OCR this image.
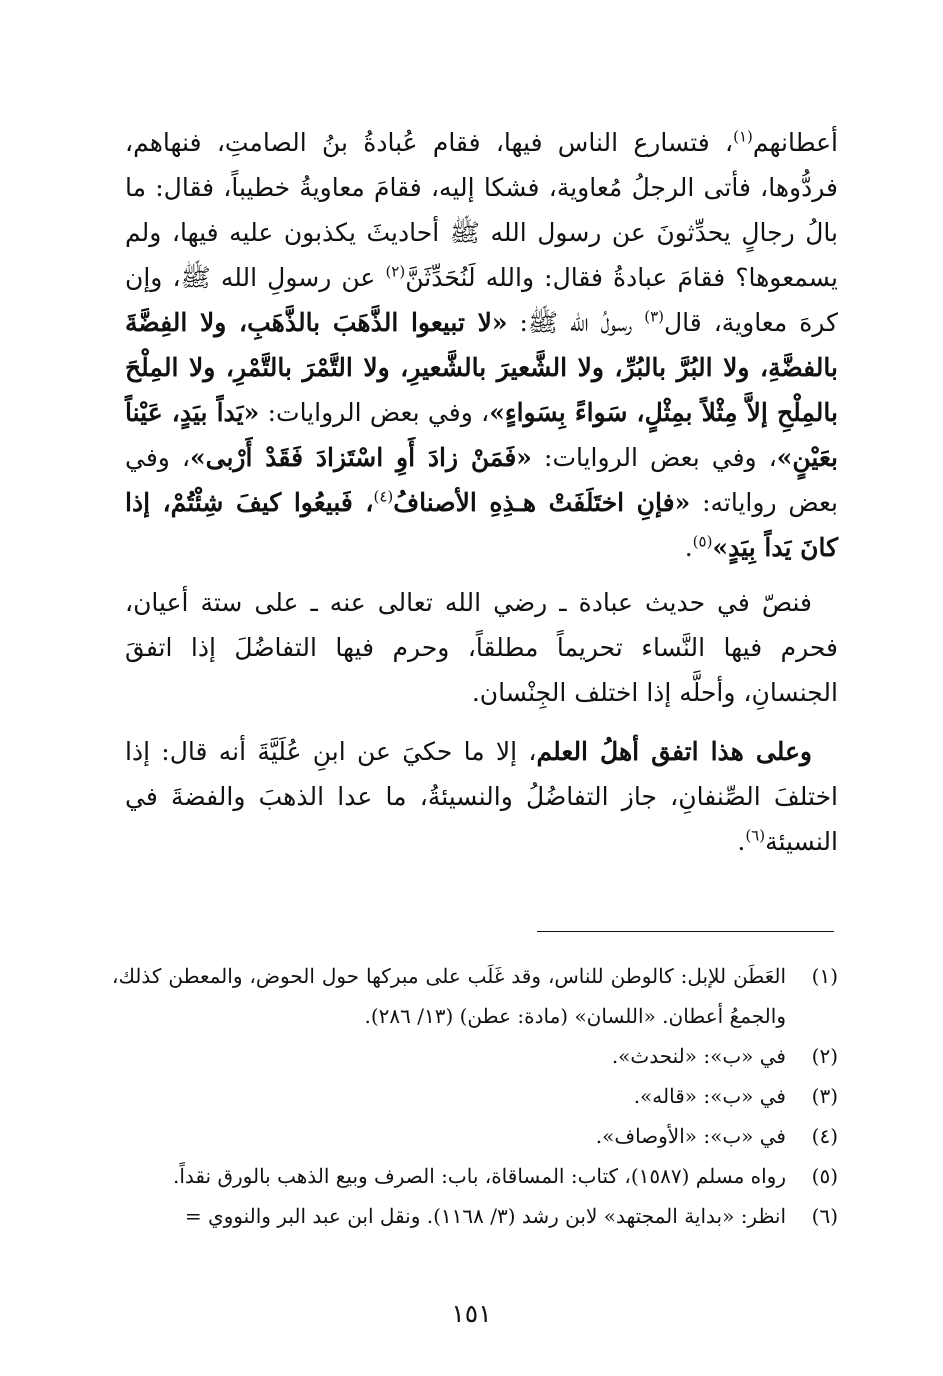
أعطانهم$^{(١)}$، فتسارع الناس فيها، فقام عُبادةُ بنُ الصامتِ، فنهاهم، فردُّوها، فأتى الرجلُ مُعاوية، فشكا إليه، فقامَ معاويةُ خطيباً، فقال: ما بالُ رجالٍ يحدِّثونَ عن رسول الله ﷺ أحاديثَ يكذبون عليه فيها، ولم يسمعوها؟ فقامَ عبادةُ فقال: والله لَنُحَدِّثَنَّ$^{(٢)}$ عن رسولِ الله ﷺ، وإن كرهَ معاوية، قال$^{(٣)}$ رسولُ الله ﷺ: «لا تبيعوا الذَّهَبَ بالذَّهَبِ، ولا الفِضَّةَ بالفضَّةِ، ولا البُرَّ بالبُرِّ، ولا الشَّعيرَ بالشَّعيرِ، ولا التَّمْرَ بالتَّمْرِ، ولا المِلْحَ بالمِلْحِ إلاَّ مِثْلاً بمِثْلٍ، سَواءً بِسَواءٍ»، وفي بعض الروايات: «يَداً بيَدٍ، عَيْناً بعَيْنٍ»، وفي بعض الروايات: «فَمَنْ زادَ أَوِ اسْتَزادَ فَقَدْ أَرْبى»، وفي بعض رواياته: «فإنِ اختَلَفَتْ هـذِهِ الأصنافُ$^{(٤)}$، فَبيعُوا كيفَ شِئْتُمْ، إذا كانَ يَداً بِيَدٍ»$^{(٥)}$.

فنصّ في حديث عبادة ـ رضي الله تعالى عنه ـ على ستة أعيان، فحرم فيها النَّساء تحريماً مطلقاً، وحرم فيها التفاضُلَ إذا اتفقَ الجنسانِ، وأحلَّه إذا اختلف الجِنْسان.

وعلى هذا اتفق أهلُ العلم، إلا ما حكيَ عن ابنِ عُلَيَّةَ أنه قال: إذا اختلفَ الصِّنفانِ، جاز التفاضُلُ والنسيئةُ، ما عدا الذهبَ والفضةَ في النسيئة$^{(٦)}$.

(١)
العَطَن للإبل: كالوطن للناس، وقد غَلَب على مبركها حول الحوض، والمعطن كذلك، والجمعُ أعطان. «اللسان» (مادة: عطن) (١٣/ ٢٨٦).
(٢)
في «ب»: «لنحدث».
(٣)
في «ب»: «قاله».
(٤)
في «ب»: «الأوصاف».
(٥)
رواه مسلم (١٥٨٧)، كتاب: المساقاة، باب: الصرف وبيع الذهب بالورق نقداً.
(٦)
انظر: «بداية المجتهد» لابن رشد (٣/ ١١٦٨). ونقل ابن عبد البر والنووي =
١٥١
